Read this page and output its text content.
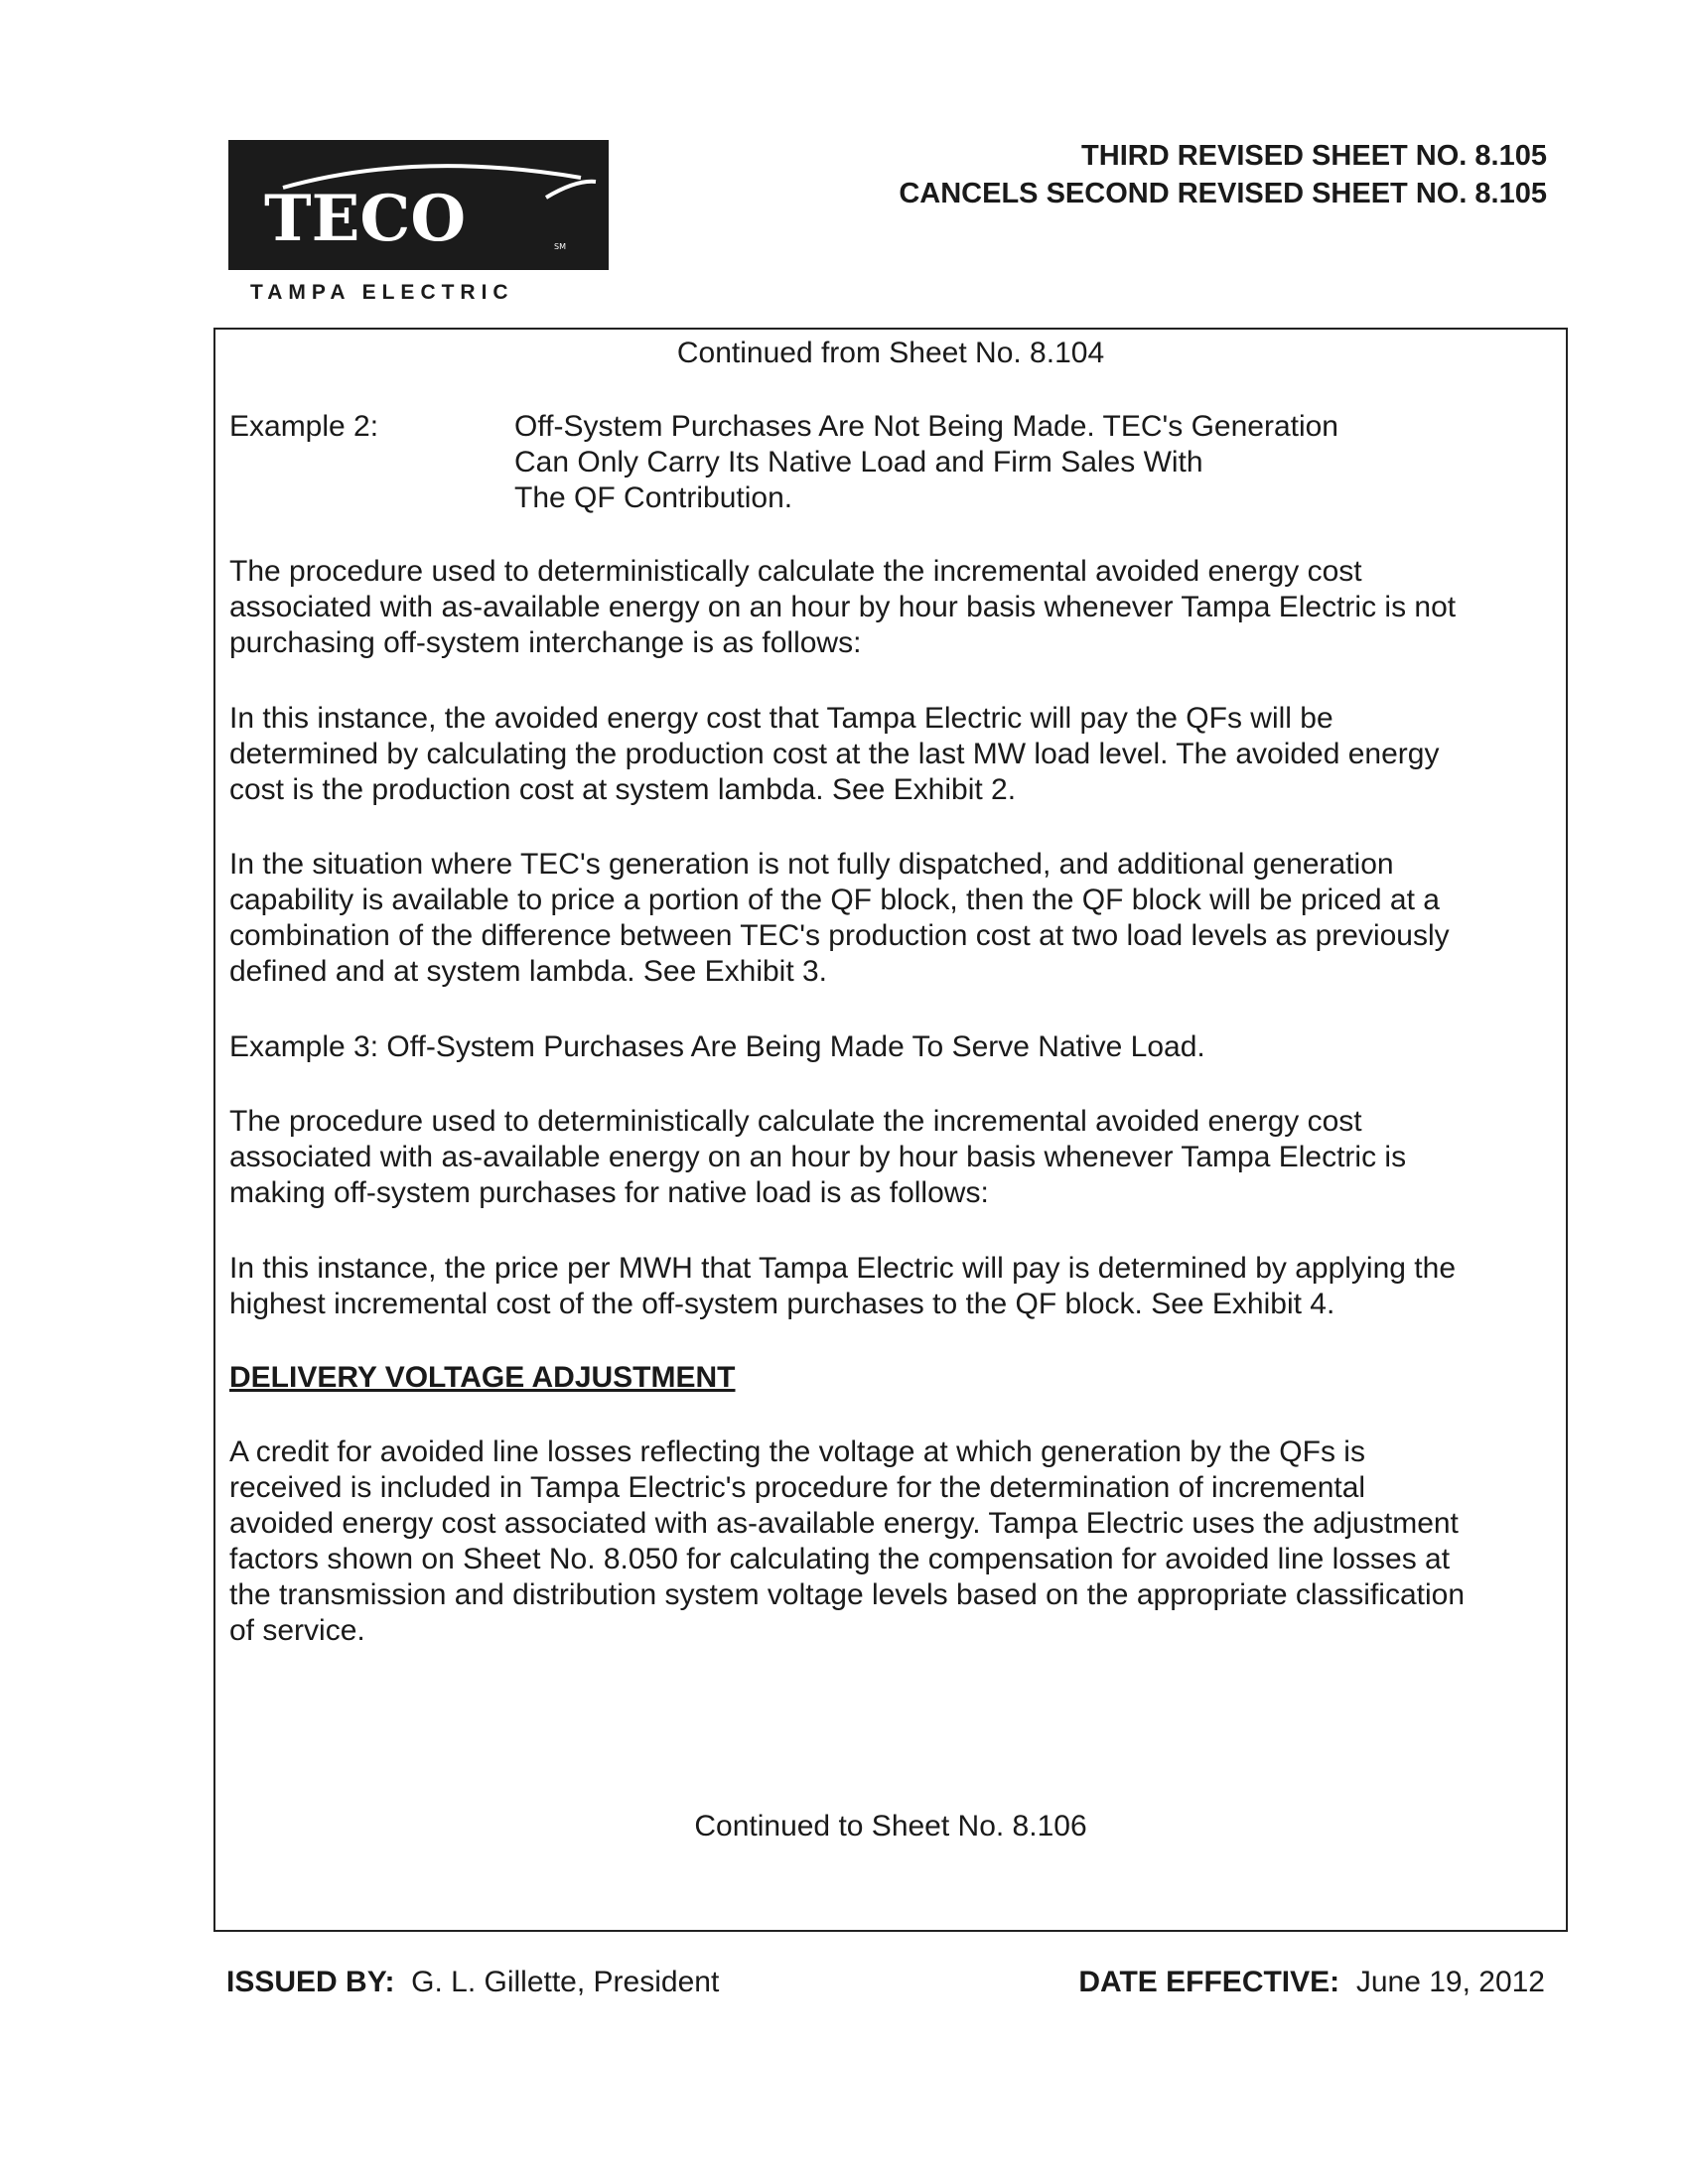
TECO	SM
TAMPA ELECTRIC
THIRD REVISED SHEET NO. 8.105
CANCELS SECOND REVISED SHEET NO. 8.105
Continued from Sheet No. 8.104
Example 2:	Off-System Purchases Are Not Being Made. TEC's Generation
Can Only Carry Its Native Load and Firm Sales With
The QF Contribution.
The procedure used to deterministically calculate the incremental avoided energy cost
associated with as-available energy on an hour by hour basis whenever Tampa Electric is not
purchasing off-system interchange is as follows:
In this instance, the avoided energy cost that Tampa Electric will pay the QFs will be
determined by calculating the production cost at the last MW load level. The avoided energy
cost is the production cost at system lambda. See Exhibit 2.
In the situation where TEC's generation is not fully dispatched, and additional generation
capability is available to price a portion of the QF block, then the QF block will be priced at a
combination of the difference between TEC's production cost at two load levels as previously
defined and at system lambda. See Exhibit 3.
Example 3: Off-System Purchases Are Being Made To Serve Native Load.
The procedure used to deterministically calculate the incremental avoided energy cost
associated with as-available energy on an hour by hour basis whenever Tampa Electric is
making off-system purchases for native load is as follows:
In this instance, the price per MWH that Tampa Electric will pay is determined by applying the
highest incremental cost of the off-system purchases to the QF block. See Exhibit 4.
DELIVERY VOLTAGE ADJUSTMENT
A credit for avoided line losses reflecting the voltage at which generation by the QFs is
received is included in Tampa Electric's procedure for the determination of incremental
avoided energy cost associated with as-available energy. Tampa Electric uses the adjustment
factors shown on Sheet No. 8.050 for calculating the compensation for avoided line losses at
the transmission and distribution system voltage levels based on the appropriate classification
of service.
Continued to Sheet No. 8.106
ISSUED BY: G. L. Gillette, President	DATE EFFECTIVE: June 19, 2012
